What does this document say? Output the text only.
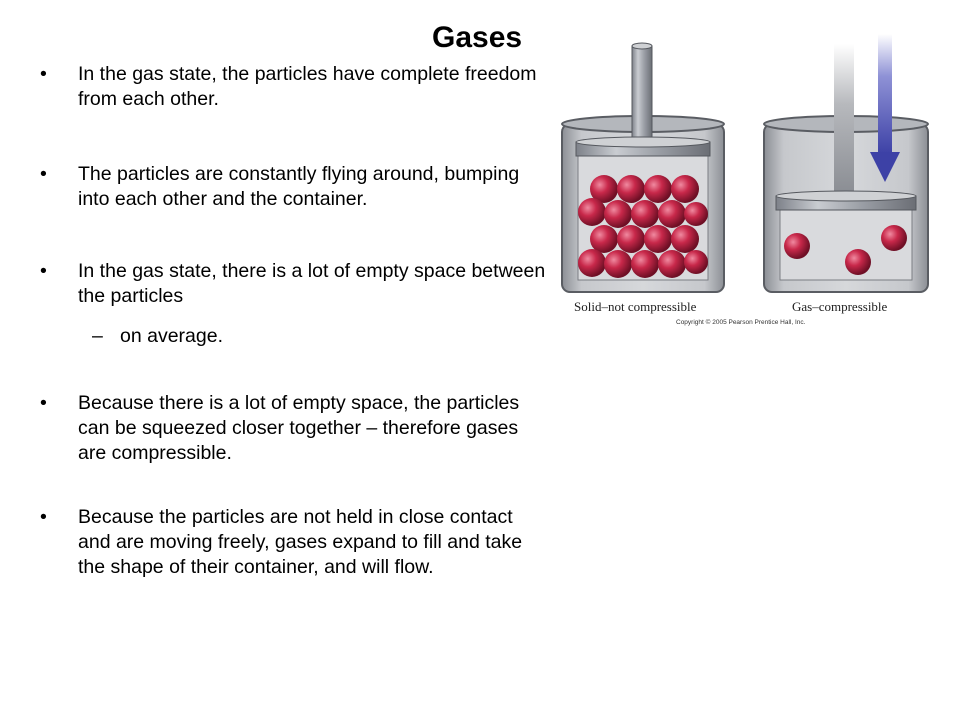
Gases
•	In the gas state, the particles have complete freedom from each other.
•	The particles are constantly flying around, bumping into each other and the container.
•	In the gas state, there is a lot of empty space between the particles
– on average.
•	Because there is a lot of empty space, the particles can be squeezed closer together – therefore gases are compressible.
•	Because the particles are not held in close contact and are moving freely, gases expand to fill and take the shape of their container, and will flow.
Solid–not compressible	Gas–compressible
Copyright © 2005 Pearson Prentice Hall, Inc.
